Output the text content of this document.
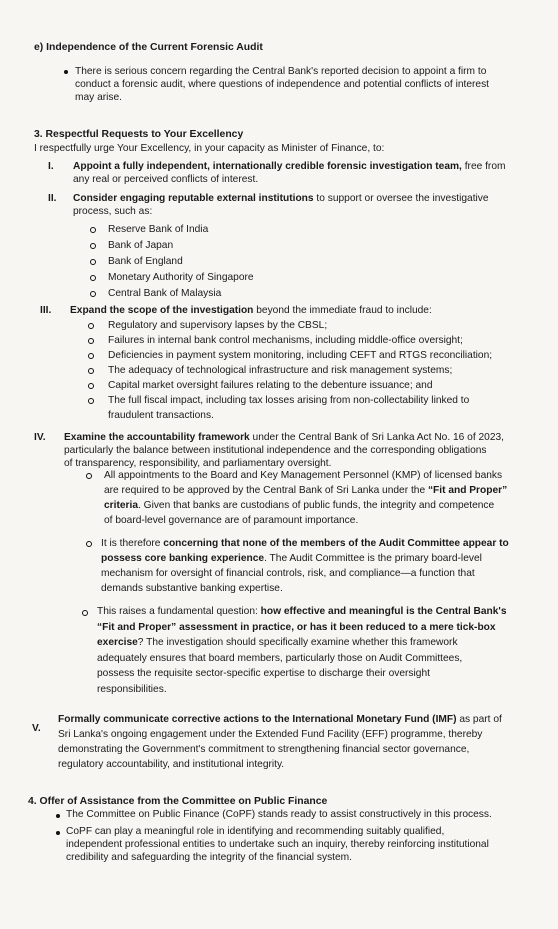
e) Independence of the Current Forensic Audit
There is serious concern regarding the Central Bank's reported decision to appoint a firm to
conduct a forensic audit, where questions of independence and potential conflicts of interest
may arise.
3. Respectful Requests to Your Excellency
I respectfully urge Your Excellency, in your capacity as Minister of Finance, to:
I. Appoint a fully independent, internationally credible forensic investigation team, free from
any real or perceived conflicts of interest.
II. Consider engaging reputable external institutions to support or oversee the investigative
process, such as:
Reserve Bank of India
Bank of Japan
Bank of England
Monetary Authority of Singapore
Central Bank of Malaysia
III. Expand the scope of the investigation beyond the immediate fraud to include:
Regulatory and supervisory lapses by the CBSL;
Failures in internal bank control mechanisms, including middle-office oversight;
Deficiencies in payment system monitoring, including CEFT and RTGS reconciliation;
The adequacy of technological infrastructure and risk management systems;
Capital market oversight failures relating to the debenture issuance; and
The full fiscal impact, including tax losses arising from non-collectability linked to
fraudulent transactions.
IV. Examine the accountability framework under the Central Bank of Sri Lanka Act No. 16 of 2023,
particularly the balance between institutional independence and the corresponding obligations
of transparency, responsibility, and parliamentary oversight.
All appointments to the Board and Key Management Personnel (KMP) of licensed banks
are required to be approved by the Central Bank of Sri Lanka under the “Fit and Proper”
criteria. Given that banks are custodians of public funds, the integrity and competence
of board-level governance are of paramount importance.
It is therefore concerning that none of the members of the Audit Committee appear to
possess core banking experience. The Audit Committee is the primary board-level
mechanism for oversight of financial controls, risk, and compliance—a function that
demands substantive banking expertise.
This raises a fundamental question: how effective and meaningful is the Central Bank's
“Fit and Proper” assessment in practice, or has it been reduced to a mere tick-box
exercise? The investigation should specifically examine whether this framework
adequately ensures that board members, particularly those on Audit Committees,
possess the requisite sector-specific expertise to discharge their oversight
responsibilities.
V.
Formally communicate corrective actions to the International Monetary Fund (IMF) as part of
Sri Lanka's ongoing engagement under the Extended Fund Facility (EFF) programme, thereby
demonstrating the Government's commitment to strengthening financial sector governance,
regulatory accountability, and institutional integrity.
4. Offer of Assistance from the Committee on Public Finance
The Committee on Public Finance (CoPF) stands ready to assist constructively in this process.
CoPF can play a meaningful role in identifying and recommending suitably qualified,
independent professional entities to undertake such an inquiry, thereby reinforcing institutional
credibility and safeguarding the integrity of the financial system.
